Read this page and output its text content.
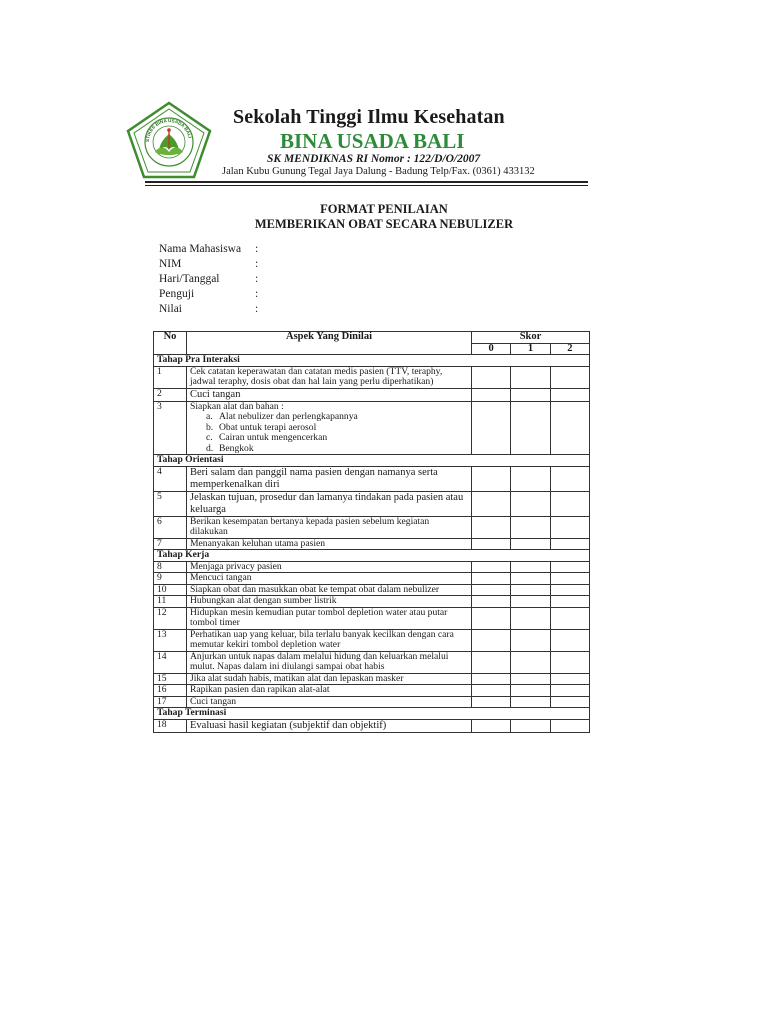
STIKES BINA USADA BALI
Sekolah Tinggi Ilmu Kesehatan
BINA USADA BALI
SK MENDIKNAS RI Nomor : 122/D/O/2007
Jalan Kubu Gunung Tegal Jaya Dalung - Badung Telp/Fax. (0361) 433132
FORMAT PENILAIAN
MEMBERIKAN OBAT SECARA NEBULIZER
Nama Mahasiswa :
NIM	:
Hari/Tanggal	:
Penguji	:
Nilai	:
No	Aspek Yang Dinilai	Skor		
		0	1	2
Tahap Pra Interaksi				
1	Cek catatan keperawatan dan catatan medis pasien (TTV, teraphy, jadwal teraphy, dosis obat dan hal lain yang perlu diperhatikan)			
2	Cuci tangan			
3	Siapkan alat dan bahan :
a. Alat nebulizer dan perlengkapannya
b. Obat untuk terapi aerosol
c. Cairan untuk mengencerkan
d. Bengkok			

Tahap Orientasi				
4	Beri salam dan panggil nama pasien dengan namanya serta memperkenalkan diri			
5	Jelaskan tujuan, prosedur dan lamanya tindakan pada pasien atau keluarga			
6	Berikan kesempatan bertanya kepada pasien sebelum kegiatan dilakukan			
7	Menanyakan keluhan utama pasien			
Tahap Kerja				
8	Menjaga privacy pasien			
9	Mencuci tangan			
10	Siapkan obat dan masukkan obat ke tempat obat dalam nebulizer			
11	Hubungkan alat dengan sumber listrik			
12	Hidupkan mesin kemudian putar tombol depletion water atau putar tombol timer			
13	Perhatikan uap yang keluar, bila terlalu banyak kecilkan dengan cara memutar kekiri tombol depletion water			
14	Anjurkan untuk napas dalam melalui hidung dan keluarkan melalui mulut. Napas dalam ini diulangi sampai obat habis			
15	Jika alat sudah habis, matikan alat dan lepaskan masker			
16	Rapikan pasien dan rapikan alat-alat			
17	Cuci tangan			
Tahap Terminasi				
18	Evaluasi hasil kegiatan (subjektif dan objektif)			
